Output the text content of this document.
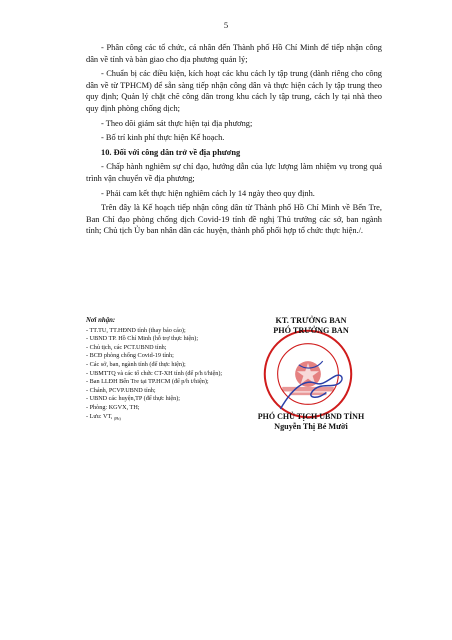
5

- Phân công các tổ chức, cá nhân đến Thành phố Hồ Chí Minh để tiếp nhận công dân về tỉnh và bàn giao cho địa phương quản lý;

- Chuẩn bị các điều kiện, kích hoạt các khu cách ly tập trung (dành riêng cho công dân về từ TPHCM) để sẵn sàng tiếp nhận công dân và thực hiện cách ly tập trung theo quy định; Quản lý chặt chẽ công dân trong khu cách ly tập trung, cách ly tại nhà theo quy định phòng chống dịch;

- Theo dõi giám sát thực hiện tại địa phương;

- Bố trí kinh phí thực hiện Kế hoạch.

10. Đối với công dân trở về địa phương

- Chấp hành nghiêm sự chỉ đạo, hướng dẫn của lực lượng làm nhiệm vụ trong quá trình vận chuyển về địa phương;

- Phải cam kết thực hiện nghiêm cách ly 14 ngày theo quy định.

Trên đây là Kế hoạch tiếp nhận công dân từ Thành phố Hồ Chí Minh về Bến Tre, Ban Chỉ đạo phòng chống dịch Covid-19 tỉnh đề nghị Thủ trưởng các sở, ban ngành tỉnh; Chủ tịch Ủy ban nhân dân các huyện, thành phố phối hợp tổ chức thực hiện./.

Nơi nhận:
- TT.TU, TT.HĐND tỉnh (thay báo cáo);
- UBND TP. Hồ Chí Minh (hỗ trợ thực hiện);
- Chủ tịch, các PCT.UBND tỉnh;
- BCĐ phòng chống Covid-19 tỉnh;
- Các sở, ban, ngành tỉnh (để thực hiện);
- UBMTTQ và các tổ chức CT-XH tỉnh (để p/h t/hiện);
- Ban LLĐH Bến Tre tại TP.HCM (để p/h t/hiện);
- Chánh, PCVP.UBND tỉnh;
- UBND các huyện,TP (để thực hiện);
- Phòng: KGVX, TH;
- Lưu: VT, $_{(Pb)}$
KT. TRƯỞNG BAN
PHÓ TRƯỞNG BAN
PHÓ CHỦ TỊCH UBND TỈNH
Nguyễn Thị Bé Mười
